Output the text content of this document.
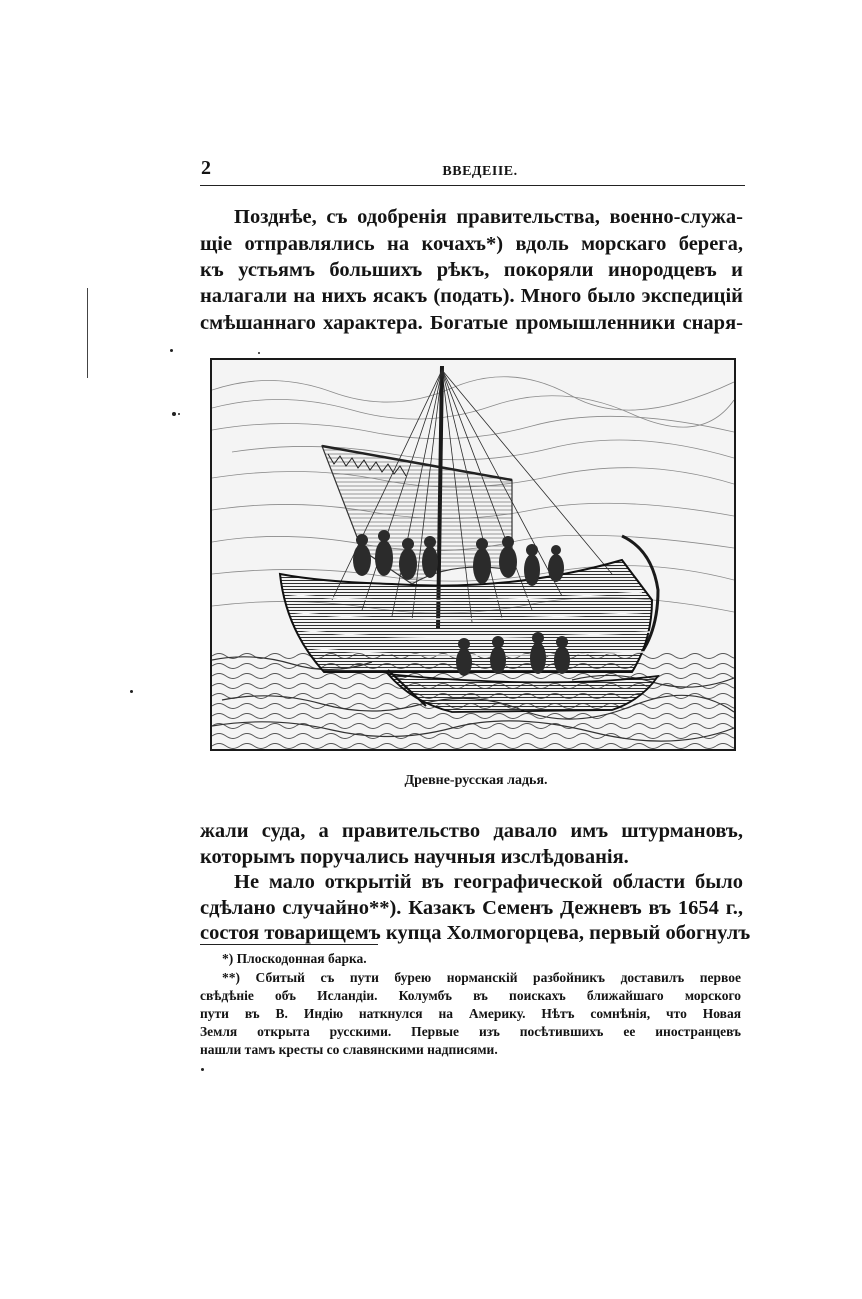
2	ВВЕДЕIIE.
Позднѣе, съ одобренія правительства, военно-служа-
щіе отправлялись на кочахъ*) вдоль морскаго берега,
къ устьямъ большихъ рѣкъ, покоряли инородцевъ и
налагали на нихъ ясакъ (подать). Много было экспедицій
смѣшаннаго характера. Богатые промышленники снаря-
Древне-русская ладья.
жали суда, а правительство давало имъ штурмановъ,
которымъ поручались научныя изслѣдованія.
Не мало открытій въ географической области было
сдѣлано случайно**). Казакъ Семенъ Дежневъ въ 1654 г.,
состоя товарищемъ купца Холмогорцева, первый обогнулъ
*) Плоскодонная барка.
**) Сбитый съ пути бурею норманскій разбойникъ доставилъ первое
свѣдѣніе объ Исландіи. Колумбъ въ поискахъ ближайшаго морского
пути въ В. Индію наткнулся на Америку. Нѣтъ сомнѣнія, что Новая
Земля открыта русскими. Первые изъ посѣтившихъ ее иностранцевъ
нашли тамъ кресты со славянскими надписями.
